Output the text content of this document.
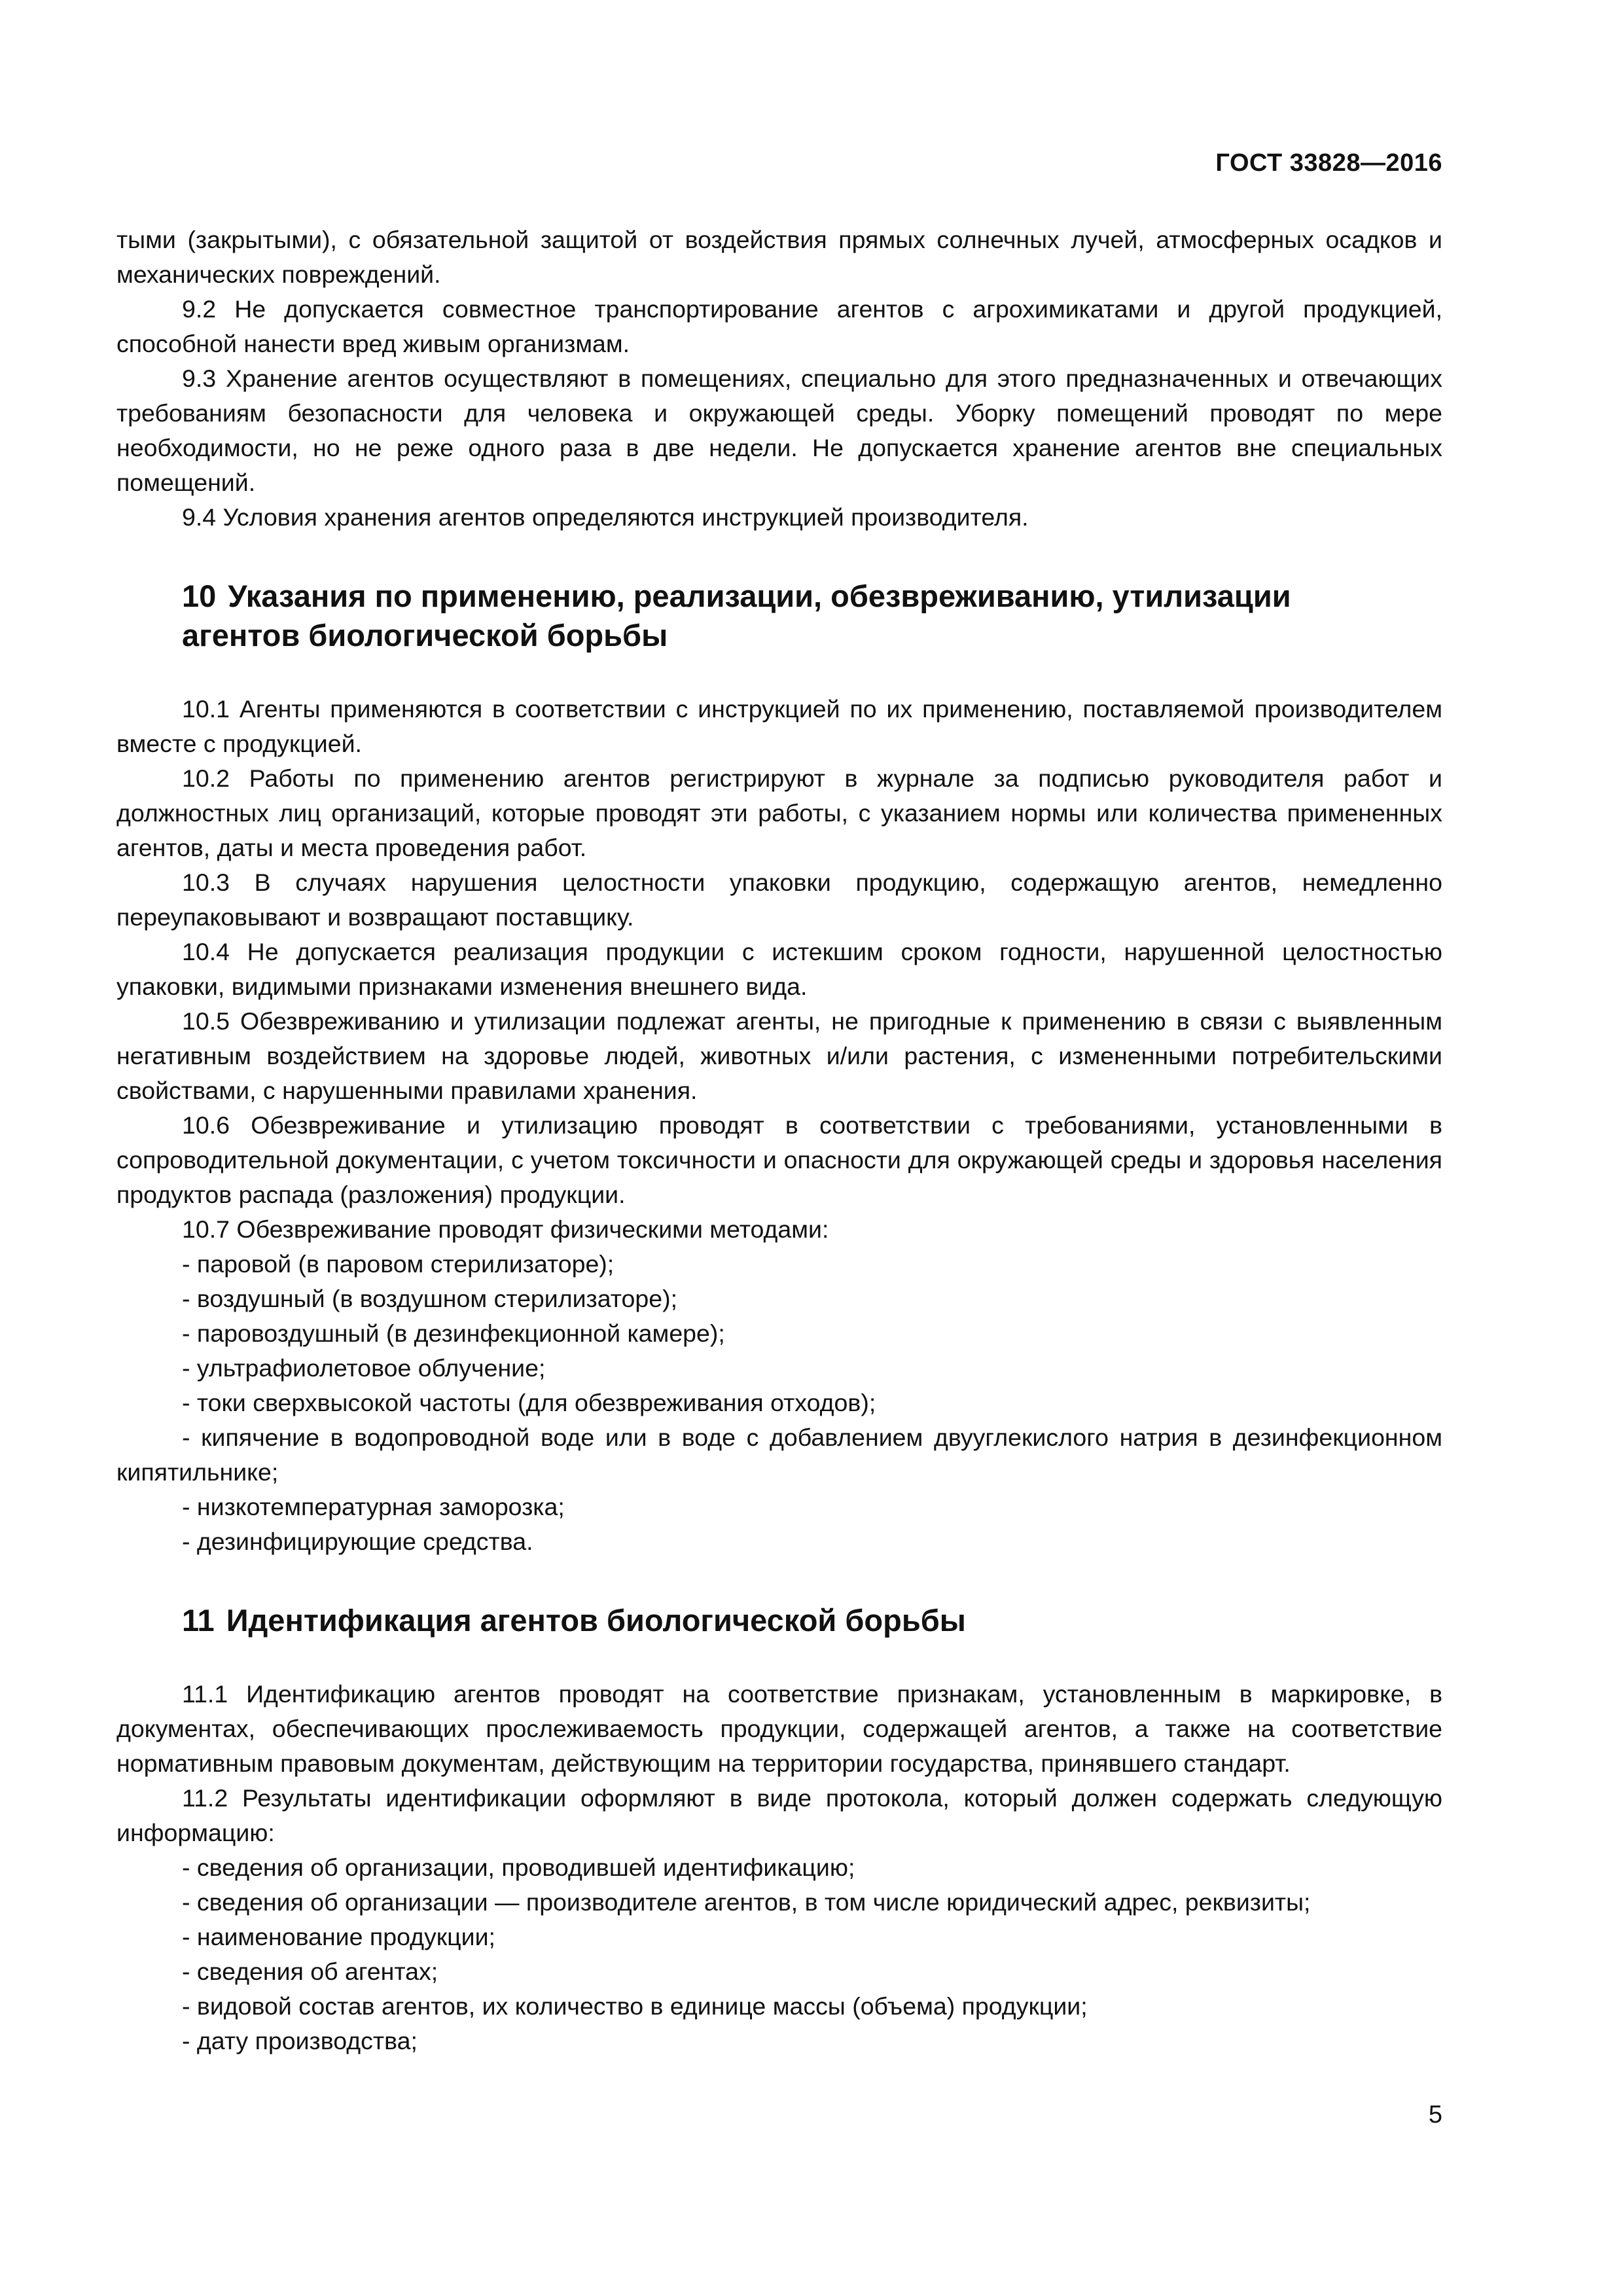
ГОСТ 33828—2016

тыми (закрытыми), с обязательной защитой от воздействия прямых солнечных лучей, атмосферных осадков и механических повреждений.

9.2 Не допускается совместное транспортирование агентов с агрохимикатами и другой продукцией, способной нанести вред живым организмам.

9.3 Хранение агентов осуществляют в помещениях, специально для этого предназначенных и отвечающих требованиям безопасности для человека и окружающей среды. Уборку помещений проводят по мере необходимости, но не реже одного раза в две недели. Не допускается хранение агентов вне специальных помещений.

9.4 Условия хранения агентов определяются инструкцией производителя.

10 Указания по применению, реализации, обезвреживанию, утилизации
агентов биологической борьбы

10.1 Агенты применяются в соответствии с инструкцией по их применению, поставляемой производителем вместе с продукцией.

10.2 Работы по применению агентов регистрируют в журнале за подписью руководителя работ и должностных лиц организаций, которые проводят эти работы, с указанием нормы или количества примененных агентов, даты и места проведения работ.

10.3 В случаях нарушения целостности упаковки продукцию, содержащую агентов, немедленно переупаковывают и возвращают поставщику.

10.4 Не допускается реализация продукции с истекшим сроком годности, нарушенной целостностью упаковки, видимыми признаками изменения внешнего вида.

10.5 Обезвреживанию и утилизации подлежат агенты, не пригодные к применению в связи с выявленным негативным воздействием на здоровье людей, животных и/или растения, с измененными потребительскими свойствами, с нарушенными правилами хранения.

10.6 Обезвреживание и утилизацию проводят в соответствии с требованиями, установленными в сопроводительной документации, с учетом токсичности и опасности для окружающей среды и здоровья населения продуктов распада (разложения) продукции.

10.7 Обезвреживание проводят физическими методами:

- паровой (в паровом стерилизаторе);

- воздушный (в воздушном стерилизаторе);

- паровоздушный (в дезинфекционной камере);

- ультрафиолетовое облучение;

- токи сверхвысокой частоты (для обезвреживания отходов);

- кипячение в водопроводной воде или в воде с добавлением двууглекислого натрия в дезинфекционном кипятильнике;

- низкотемпературная заморозка;

- дезинфицирующие средства.

11 Идентификация агентов биологической борьбы

11.1 Идентификацию агентов проводят на соответствие признакам, установленным в маркировке, в документах, обеспечивающих прослеживаемость продукции, содержащей агентов, а также на соответствие нормативным правовым документам, действующим на территории государства, принявшего стандарт.

11.2 Результаты идентификации оформляют в виде протокола, который должен содержать следующую информацию:

- сведения об организации, проводившей идентификацию;

- сведения об организации — производителе агентов, в том числе юридический адрес, реквизиты;

- наименование продукции;

- сведения об агентах;

- видовой состав агентов, их количество в единице массы (объема) продукции;

- дату производства;

5
